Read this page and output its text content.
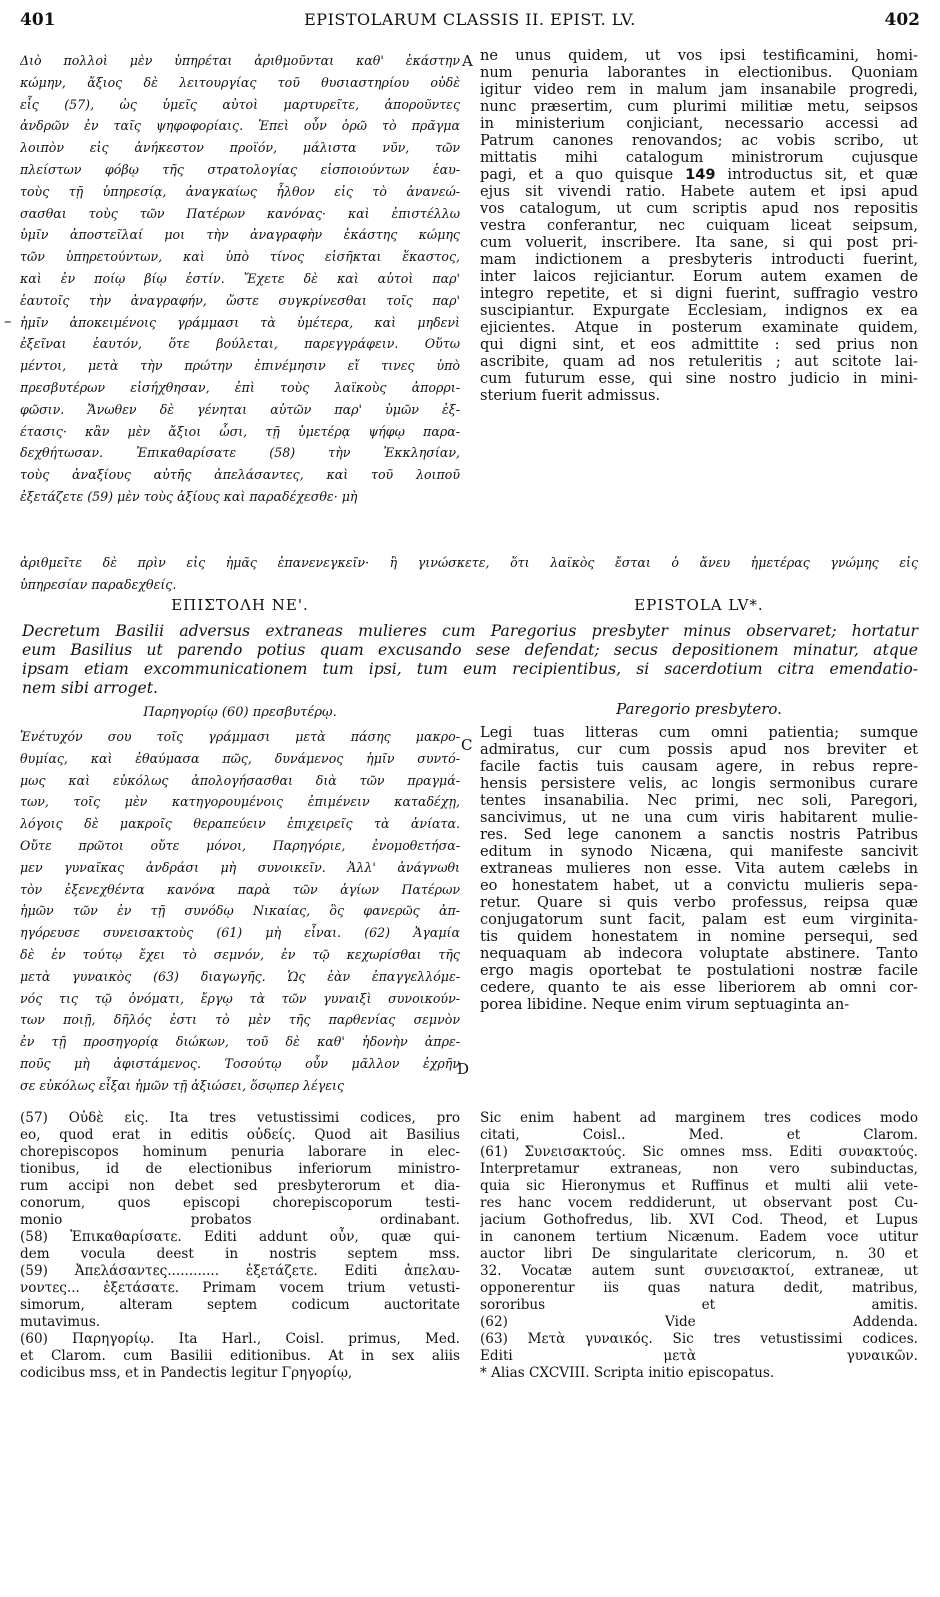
401	EPISTOLARUM CLASSIS II. EPIST. LV.	402
Διὸ πολλοὶ μὲν ὑπηρέται ἀριθμοῦνται καθ' ἑκάστην
κώμην, ἄξιος δὲ λειτουργίας τοῦ θυσιαστηρίου οὐδὲ
εἷς (57), ὡς ὑμεῖς αὐτοὶ μαρτυρεῖτε, ἀπορoῦντες
ἀνδρῶν ἐν ταῖς ψηφοφορίαις. Ἐπεὶ οὖν ὁρῶ τὸ πρᾶγμα
λοιπὸν εἰς ἀνήκεστον προϊόν, μάλιστα νῦν, τῶν
πλείστων φόβῳ τῆς στρατολογίας εἰσποιούντων ἑαυ-
τοὺς τῇ ὑπηρεσίᾳ, ἀναγκαίως ἦλθον εἰς τὸ ἀνανεώ-
σασθαι τοὺς τῶν Πατέρων κανόνας· καὶ ἐπιστέλλω
ὑμῖν ἀποστεῖλαί μοι τὴν ἀναγραφὴν ἑκάστης κώμης
τῶν ὑπηρετούντων, καὶ ὑπὸ τίνος εἰσῆκται ἕκαστος,
καὶ ἐν ποίῳ βίῳ ἐστίν. Ἔχετε δὲ καὶ αὐτοὶ παρ'
ἑαυτοῖς τὴν ἀναγραφήν, ὥστε συγκρίνεσθαι τοῖς παρ'
ἡμῖν ἀποκειμένοις γράμμασι τὰ ὑμέτερα, καὶ μηδενὶ
ἐξεῖναι ἑαυτόν, ὅτε βούλεται, παρεγγράφειν. Οὕτω
μέντοι, μετὰ τὴν πρώτην ἐπινέμησιν εἴ τινες ὑπὸ
πρεσβυτέρων εἰσήχθησαν, ἐπὶ τοὺς λαϊκοὺς ἀπορρι-
φῶσιν. Ἄνωθεν δὲ γένηται αὐτῶν παρ' ὑμῶν ἐξ-
έτασις· κἂν μὲν ἄξιοι ὦσι, τῇ ὑμετέρᾳ ψήφῳ παρα-
δεχθήτωσαν. Ἐπικαθαρίσατε (58) τὴν Ἐκκλησίαν,
τοὺς ἀναξίους αὐτῆς ἀπελάσαντες, καὶ τοῦ λοιποῦ
ἐξετάζετε (59) μὲν τοὺς ἀξίους καὶ παραδέχεσθε· μὴ
A
–
ne unus quidem, ut vos ipsi testificamini, homi-
num penuria laborantes in electionibus. Quoniam
igitur video rem in malum jam insanabile progredi,
nunc præsertim, cum plurimi militiæ metu, seipsos
in ministerium conjiciant, necessario accessi ad
Patrum canones renovandos; ac vobis scribo, ut
mittatis mihi catalogum ministrorum cujusque
pagi, et a quo quisque 149 introductus sit, et quæ
ejus sit vivendi ratio. Habete autem et ipsi apud
vos catalogum, ut cum scriptis apud nos repositis
vestra conferantur, nec cuiquam liceat seipsum,
cum voluerit, inscribere. Ita sane, si qui post pri-
mam indictionem a presbyteris introducti fuerint,
inter laicos rejiciantur. Eorum autem examen de
integro repetite, et si digni fuerint, suffragio vestro
suscipiantur. Expurgate Ecclesiam, indignos ex ea
ejicientes. Atque in posterum examinate quidem,
qui digni sint, et eos admittite : sed prius non
ascribite, quam ad nos retuleritis ; aut scitote lai-
cum futurum esse, qui sine nostro judicio in mini-
sterium fuerit admissus.
ἀριθμεῖτε δὲ πρὶν εἰς ἡμᾶς ἐπανενεγκεῖν· ἢ γινώσκετε, ὅτι λαϊκὸς ἔσται ὁ ἄνευ ἡμετέρας γνώμης εἰς
ὑπηρεσίαν παραδεχθείς.
ΕΠΙΣΤΟΛΗ ΝΕ'.	EPISTOLA LV*.
Decretum Basilii adversus extraneas mulieres cum Paregorius presbyter minus observaret; hortatur
eum Basilius ut parendo potius quam excusando sese defendat; secus depositionem minatur, atque
ipsam etiam excommunicationem tum ipsi, tum eum recipientibus, si sacerdotium citra emendatio-
nem sibi arroget.
Παρηγορίῳ (60) πρεσβυτέρῳ.	Paregorio presbytero.
Ἐνέτυχόν σου τοῖς γράμμασι μετὰ πάσης μακρο-
θυμίας, καὶ ἐθαύμασα πῶς, δυνάμενος ἡμῖν συντό-
μως καὶ εὐκόλως ἀπολογήσασθαι διὰ τῶν πραγμά-
των, τοῖς μὲν κατηγορουμένοις ἐπιμένειν καταδέχῃ,
λόγοις δὲ μακροῖς θεραπεύειν ἐπιχειρεῖς τὰ ἀνίατα.
Οὔτε πρῶτοι οὔτε μόνοι, Παρηγόριε, ἐνομοθετήσα-
μεν γυναῖκας ἀνδράσι μὴ συνοικεῖν. Ἀλλ' ἀνάγνωθι
τὸν ἐξενεχθέντα κανόνα παρὰ τῶν ἁγίων Πατέρων
ἡμῶν τῶν ἐν τῇ συνόδῳ Νικαίας, ὃς φανερῶς ἀπ-
ηγόρευσε συνεισακτοὺς (61) μὴ εἶναι. (62) Ἀγαμία
δὲ ἐν τούτῳ ἔχει τὸ σεμνόν, ἐν τῷ κεχωρίσθαι τῆς
μετὰ γυναικὸς (63) διαγωγῆς. Ὡς ἐὰν ἐπαγγελλόμε-
νός τις τῷ ὀνόματι, ἔργῳ τὰ τῶν γυναιξὶ συνοικούν-
των ποιῇ, δῆλός ἐστι τὸ μὲν τῆς παρθενίας σεμνὸν
ἐν τῇ προσηγορίᾳ διώκων, τοῦ δὲ καθ' ἡδονὴν ἀπρε-
ποῦς μὴ ἀφιστάμενος. Τοσούτῳ οὖν μᾶλλον ἐχρῆν
σε εὐκόλως εἶξαι ἡμῶν τῇ ἀξιώσει, ὅσῳπερ λέγεις
C
Legi tuas litteras cum omni patientia; sumque
admiratus, cur cum possis apud nos breviter et
facile factis tuis causam agere, in rebus repre-
hensis persistere velis, ac longis sermonibus curare
tentes insanabilia. Nec primi, nec soli, Paregori,
sancivimus, ut ne una cum viris habitarent mulie-
res. Sed lege canonem a sanctis nostris Patribus
editum in synodo Nicæna, qui manifeste sancivit
extraneas mulieres non esse. Vita autem cælebs in
eo honestatem habet, ut a convictu mulieris sepa-
retur. Quare si quis verbo professus, reipsa quæ
conjugatorum sunt facit, palam est eum virginita-
tis quidem honestatem in nomine persequi, sed
nequaquam ab indecora voluptate abstinere. Tanto
ergo magis oportebat te postulationi nostræ facile
cedere, quanto te ais esse liberiorem ab omni cor-
porea libidine. Neque enim virum septuaginta an-
D
(57) Οὐδὲ εἷς. Ita tres vetustissimi codices, pro
eo, quod erat in editis οὐδείς. Quod ait Basilius
chorepiscopos hominum penuria laborare in elec-
tionibus, id de electionibus inferiorum ministro-
rum accipi non debet sed presbyterorum et dia-
conorum, quos episcopi chorepiscoporum testi-
monio probatos ordinabant.
(58) Ἐπικαθαρίσατε. Editi addunt οὖν, quæ qui-
dem vocula deest in nostris septem mss.
(59) Ἀπελάσαντες............ ἐξετάζετε. Editi ἀπελαυ-
νοντες... ἐξετάσατε. Primam vocem trium vetusti-
simorum, alteram septem codicum auctoritate
mutavimus.
(60) Παρηγορίῳ. Ita Harl., Coisl. primus, Med.
et Clarom. cum Basilii editionibus. At in sex aliis
codicibus mss, et in Pandectis legitur Γρηγορίῳ,
Sic enim habent ad marginem tres codices modo
citati, Coisl.. Med. et Clarom.
(61) Συνεισακτούς. Sic omnes mss. Editi συνακτούς.
Interpretamur extraneas, non vero subinductas,
quia sic Hieronymus et Ruffinus et multi alii vete-
res hanc vocem reddiderunt, ut observant post Cu-
jacium Gothofredus, lib. XVI Cod. Theod, et Lupus
in canonem tertium Nicænum. Eadem voce utitur
auctor libri De singularitate clericorum, n. 30 et
32. Vocatæ autem sunt συνεισακτοί, extraneæ, ut
opponerentur iis quas natura dedit, matribus,
sororibus et amitis.
(62) Vide Addenda.
(63) Μετὰ γυναικός. Sic tres vetustissimi codices.
Editi μετὰ γυναικῶν.
* Alias CXCVIII. Scripta initio episcopatus.
